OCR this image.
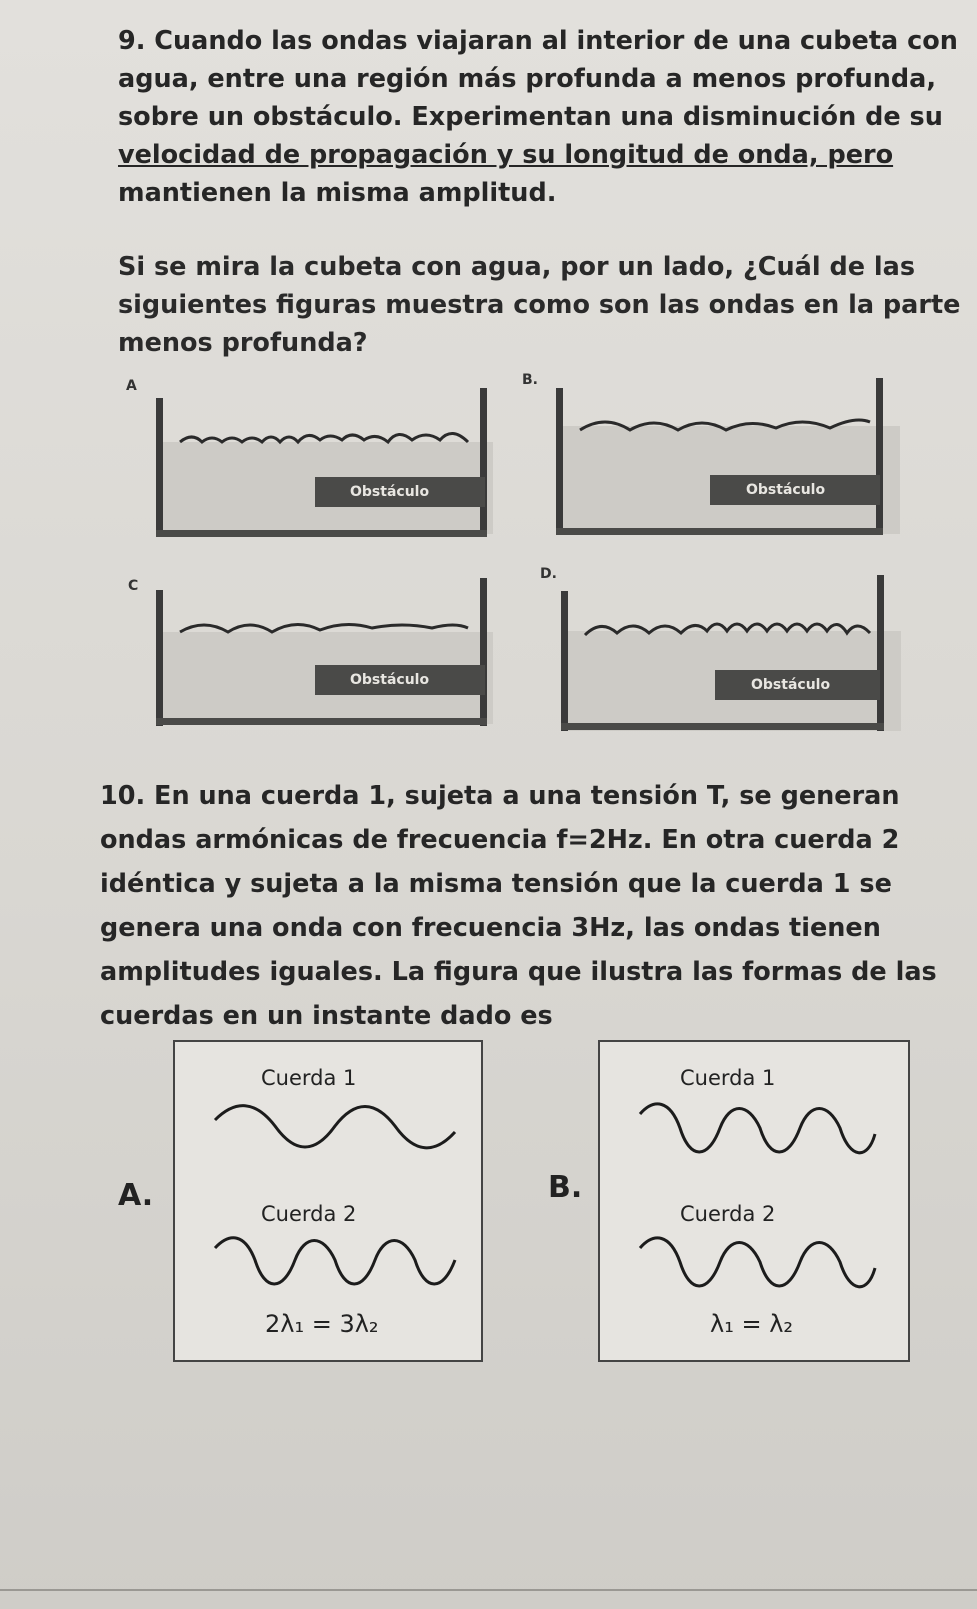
9. Cuando las ondas viajaran al interior de una cubeta con
agua, entre una región más profunda a menos profunda,
sobre un obstáculo. Experimentan una disminución de su
velocidad de propagación y su longitud de onda, pero
mantienen la misma amplitud.
Si se mira la cubeta con agua, por un lado, ¿Cuál de las
siguientes figuras muestra como son las ondas en la parte
menos profunda?
A
Obstáculo
B.
Obstáculo
C
Obstáculo
D.
Obstáculo
10. En una cuerda 1, sujeta a una tensión T, se generan
ondas armónicas de frecuencia f=2Hz. En otra cuerda 2
idéntica y sujeta a la misma tensión que la cuerda 1 se
genera una onda con frecuencia 3Hz, las ondas tienen
amplitudes iguales. La figura que ilustra las formas de las
cuerdas en un instante dado es
A.
Cuerda 1
Cuerda 2
2λ₁ = 3λ₂
B.
Cuerda 1
Cuerda 2
λ₁ = λ₂
